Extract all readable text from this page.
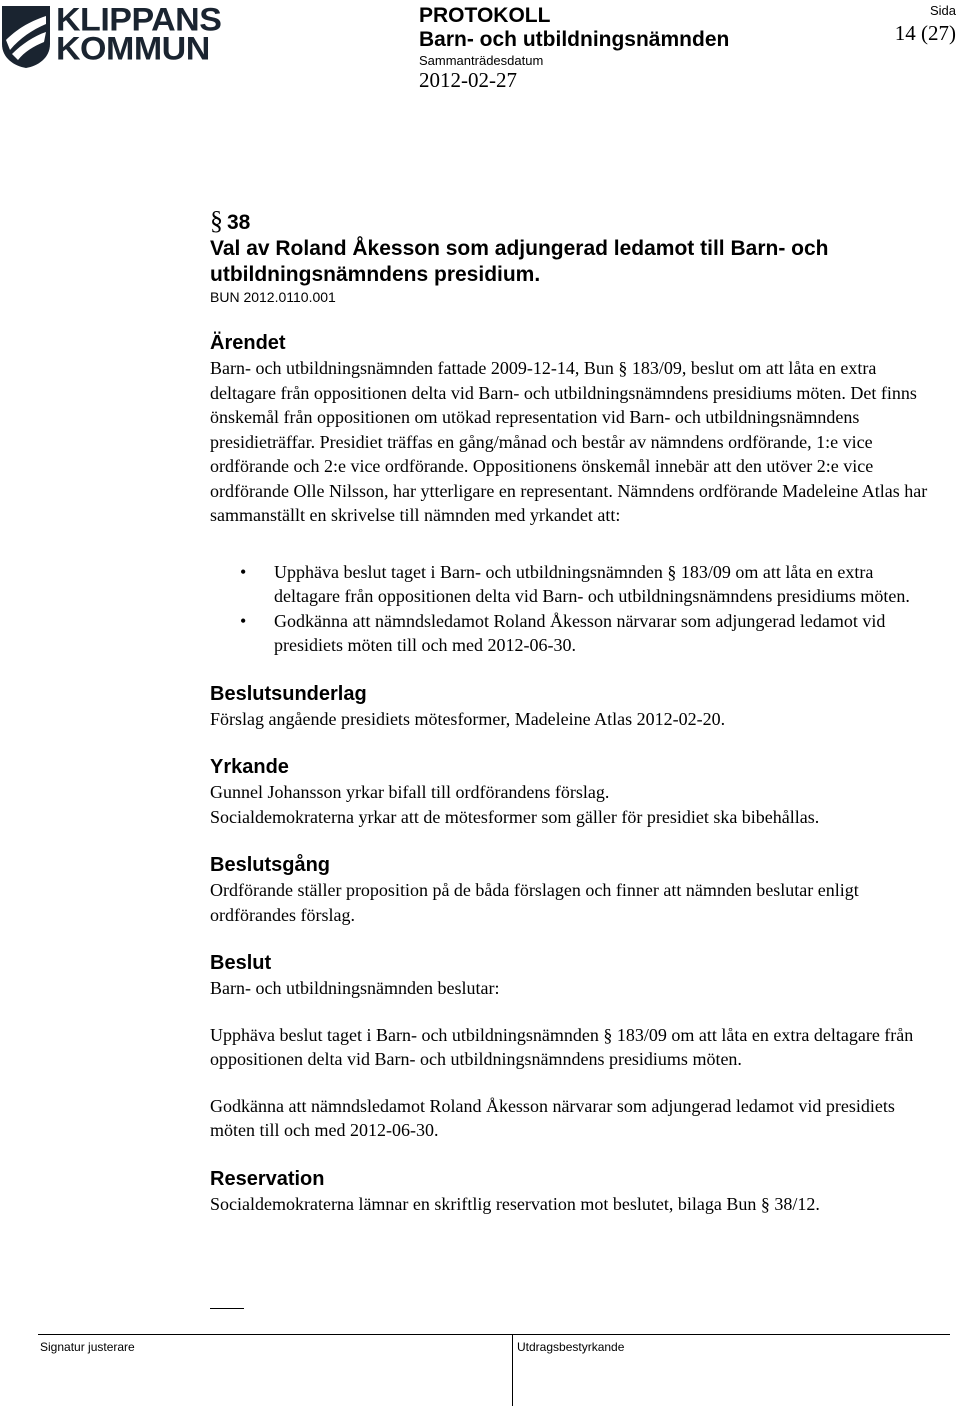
KLIPPANS
KOMMUN
PROTOKOLL
Barn- och utbildningsnämnden
Sammanträdesdatum
2012-02-27
Sida
14 (27)
§ 38
Val av Roland Åkesson som adjungerad ledamot till Barn- och utbildningsnämndens presidium.
BUN 2012.0110.001
Ärendet

Barn- och utbildningsnämnden fattade 2009-12-14, Bun § 183/09, beslut om att låta en extra deltagare från oppositionen delta vid Barn- och utbildningsnämndens presidiums möten. Det finns önskemål från oppositionen om utökad representation vid Barn- och utbildningsnämndens presidieträffar. Presidiet träffas en gång/månad och består av nämndens ordförande, 1:e vice ordförande och 2:e vice ordförande. Oppositionens önskemål innebär att den utöver 2:e vice ordförande Olle Nilsson, har ytterligare en representant. Nämndens ordförande Madeleine Atlas har sammanställt en skrivelse till nämnden med yrkandet att:

• Upphäva beslut taget i Barn- och utbildningsnämnden § 183/09 om att låta en extra deltagare från oppositionen delta vid Barn- och utbildningsnämndens presidiums möten.
• Godkänna att nämndsledamot Roland Åkesson närvarar som adjungerad ledamot vid presidiets möten till och med 2012-06-30.
Beslutsunderlag

Förslag angående presidiets mötesformer, Madeleine Atlas 2012-02-20.

Yrkande

Gunnel Johansson yrkar bifall till ordförandens förslag.

Socialdemokraterna yrkar att de mötesformer som gäller för presidiet ska bibehållas.

Beslutsgång

Ordförande ställer proposition på de båda förslagen och finner att nämnden beslutar enligt ordförandes förslag.

Beslut

Barn- och utbildningsnämnden beslutar:

Upphäva beslut taget i Barn- och utbildningsnämnden § 183/09 om att låta en extra deltagare från oppositionen delta vid Barn- och utbildningsnämndens presidiums möten.

Godkänna att nämndsledamot Roland Åkesson närvarar som adjungerad ledamot vid presidiets möten till och med 2012-06-30.

Reservation

Socialdemokraterna lämnar en skriftlig reservation mot beslutet, bilaga Bun § 38/12.

Signatur justerare	Utdragsbestyrkande
